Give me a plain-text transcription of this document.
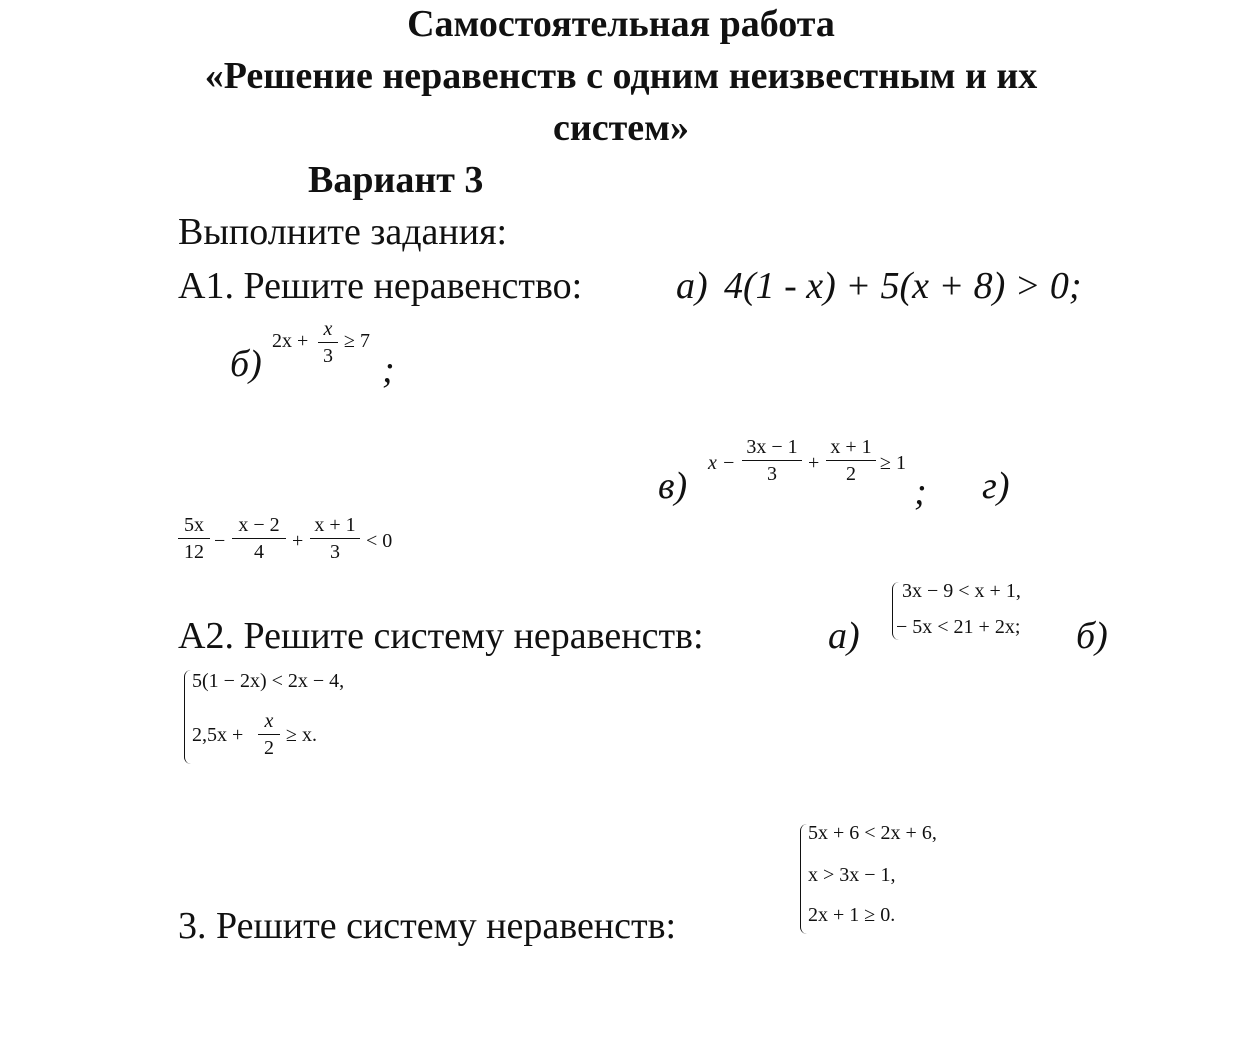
Самостоятельная работа
«Решение неравенств с одним неизвестным и их
систем»
Вариант 3
Выполните задания:
А1. Решите неравенство: а) 4(1 - x) + 5(x + 8) > 0;
б)
2x +
x
3
≥ 7
;
в)
x −
3x − 1
3	+
x + 1
2	≥ 1
; г)
5x
12 −
x − 2
4	+
x + 1
3	< 0
А2. Решите систему неравенств:	а)
3x − 9 < x + 1,
− 5x < 21 + 2x; б)
5(1 − 2x) < 2x − 4,
2,5x +
x
2
≥ x.
5x + 6 < 2x + 6,
x > 3x − 1,
2x + 1 ≥ 0.
3. Решите систему неравенств:
